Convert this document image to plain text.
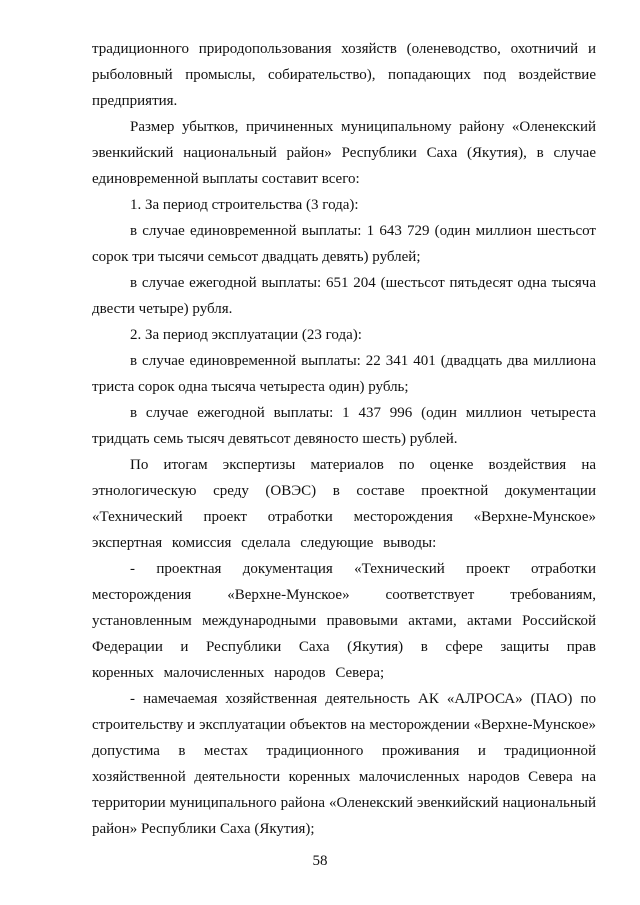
традиционного природопользования хозяйств (оленеводство, охотничий и рыболовный промыслы, собирательство), попадающих под воздействие предприятия.

Размер убытков, причиненных муниципальному району «Оленекский эвенкийский национальный район» Республики Саха (Якутия), в случае единовременной выплаты составит всего:

1. За период строительства (3 года):

в случае единовременной выплаты: 1 643 729 (один миллион шестьсот сорок три тысячи семьсот двадцать девять) рублей;

в случае ежегодной выплаты: 651 204 (шестьсот пятьдесят одна тысяча двести четыре) рубля.

2. За период эксплуатации (23 года):

в случае единовременной выплаты: 22 341 401 (двадцать два миллиона триста сорок одна тысяча четыреста один) рубль;

в случае ежегодной выплаты: 1 437 996 (один миллион четыреста тридцать семь тысяч девятьсот девяносто шесть) рублей.

По итогам экспертизы материалов по оценке воздействия на этнологическую среду (ОВЭС) в составе проектной документации «Технический проект отработки месторождения «Верхне-Мунское» экспертная комиссия сделала следующие выводы:

- проектная документация «Технический проект отработки месторождения «Верхне-Мунское» соответствует требованиям, установленным международными правовыми актами, актами Российской Федерации и Республики Саха (Якутия) в сфере защиты прав коренных малочисленных народов Севера;

- намечаемая хозяйственная деятельность АК «АЛРОСА» (ПАО) по строительству и эксплуатации объектов на месторождении «Верхне-Мунское» допустима в местах традиционного проживания и традиционной хозяйственной деятельности коренных малочисленных народов Севера на территории муниципального района «Оленекский эвенкийский национальный район» Республики Саха (Якутия);

58
